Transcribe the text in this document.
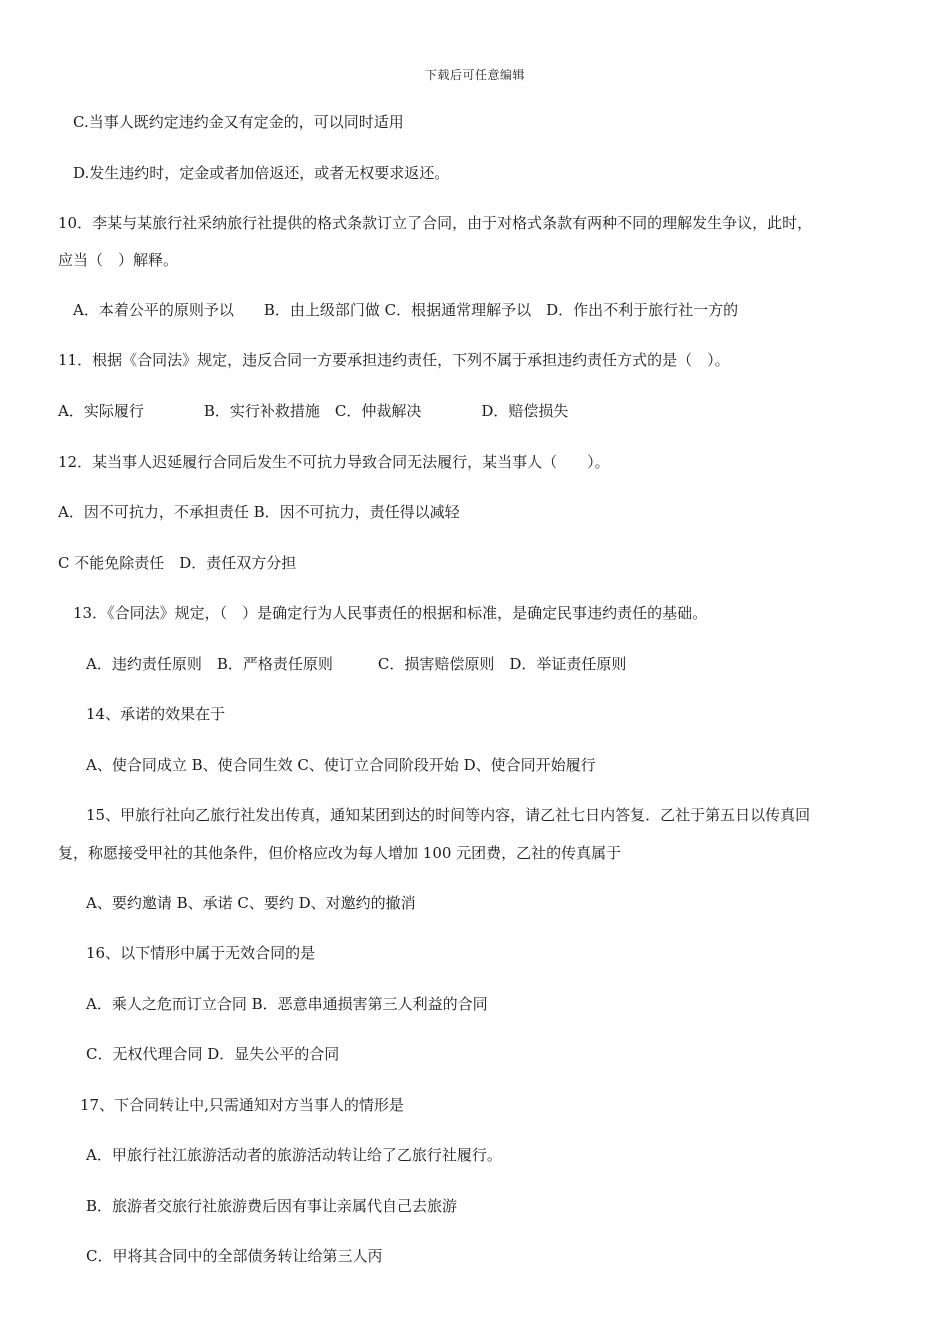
下载后可任意编辑
C.当事人既约定违约金又有定金的，可以同时适用
D.发生违约时，定金或者加倍返还，或者无权要求返还。
10．李某与某旅行社采纳旅行社提供的格式条款订立了合同，由于对格式条款有两种不同的理解发生争议，此时，
应当（　）解释。
A．本着公平的原则予以　　B．由上级部门做 C．根据通常理解予以　D．作出不利于旅行社一方的
11．根据《合同法》规定，违反合同一方要承担违约责任，下列不属于承担违约责任方式的是（　）。
A．实际履行　　　　B．实行补救措施　C．仲裁解决　　　　D．赔偿损失
12．某当事人迟延履行合同后发生不可抗力导致合同无法履行，某当事人（　　）。
A．因不可抗力，不承担责任 B．因不可抗力，责任得以减轻
C 不能免除责任　D．责任双方分担
13．《合同法》规定，（　）是确定行为人民事责任的根据和标准，是确定民事违约责任的基础。
A．违约责任原则　B．严格责任原则　　　C．损害赔偿原则　D．举证责任原则
14、承诺的效果在于
A、使合同成立 B、使合同生效 C、使订立合同阶段开始 D、使合同开始履行
15、甲旅行社向乙旅行社发出传真，通知某团到达的时间等内容，请乙社七日内答复．乙社于第五日以传真回
复，称愿接受甲社的其他条件，但价格应改为每人增加 100 元团费，乙社的传真属于
A、要约邀请 B、承诺 C、要约 D、对邀约的撤消
16、以下情形中属于无效合同的是
A．乘人之危而订立合同 B．恶意串通损害第三人利益的合同
C．无权代理合同 D．显失公平的合同
17、下合同转让中,只需通知对方当事人的情形是
A．甲旅行社江旅游活动者的旅游活动转让给了乙旅行社履行。
B．旅游者交旅行社旅游费后因有事让亲属代自己去旅游
C．甲将其合同中的全部债务转让给第三人丙
